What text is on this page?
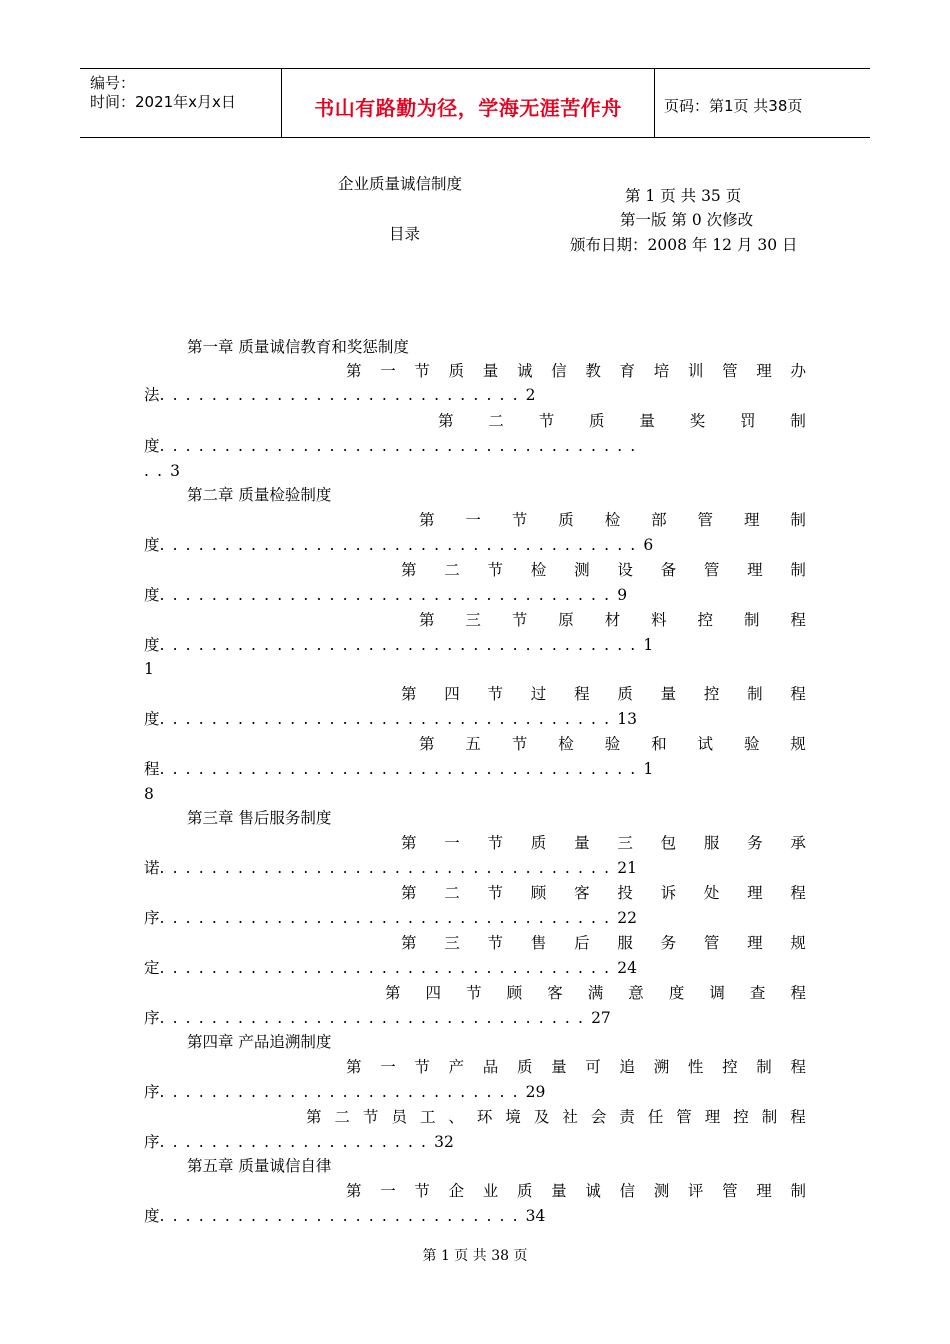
编号：
时间：2021年x月x日	书山有路勤为径，学海无涯苦作舟	页码：第1页 共38页
企业质量诚信制度
第 1 页 共 35 页
第一版 第 0 次修改
目录
颁布日期：2008 年 12 月 30 日
第一章 质量诚信教育和奖惩制度
第 一 节 质 量 诚 信 教 育 培 训 管 理 办
法............................2
第 二 节 质 量 奖 罚 制
度.....................................
..3
第二章 质量检验制度
第 一 节 质 检 部 管 理 制
度.....................................6
第 二 节 检 测 设 备 管 理 制
度...................................9
第 三 节 原 材 料 控 制 程
度.....................................1
1
第 四 节 过 程 质 量 控 制 程
度...................................13
第 五 节 检 验 和 试 验 规
程.....................................1
8
第三章 售后服务制度
第 一 节 质 量 三 包 服 务 承
诺...................................21
第 二 节 顾 客 投 诉 处 理 程
序...................................22
第 三 节 售 后 服 务 管 理 规
定...................................24
第 四 节 顾 客 满 意 度 调 查 程
序.................................27
第四章 产品追溯制度
第 一 节 产 品 质 量 可 追 溯 性 控 制 程
序............................29
第 二 节 员 工 、 环 境 及 社 会 责 任 管 理 控 制 程
序.....................32
第五章 质量诚信自律
第 一 节 企 业 质 量 诚 信 测 评 管 理 制
度............................34
第 1 页 共 38 页
